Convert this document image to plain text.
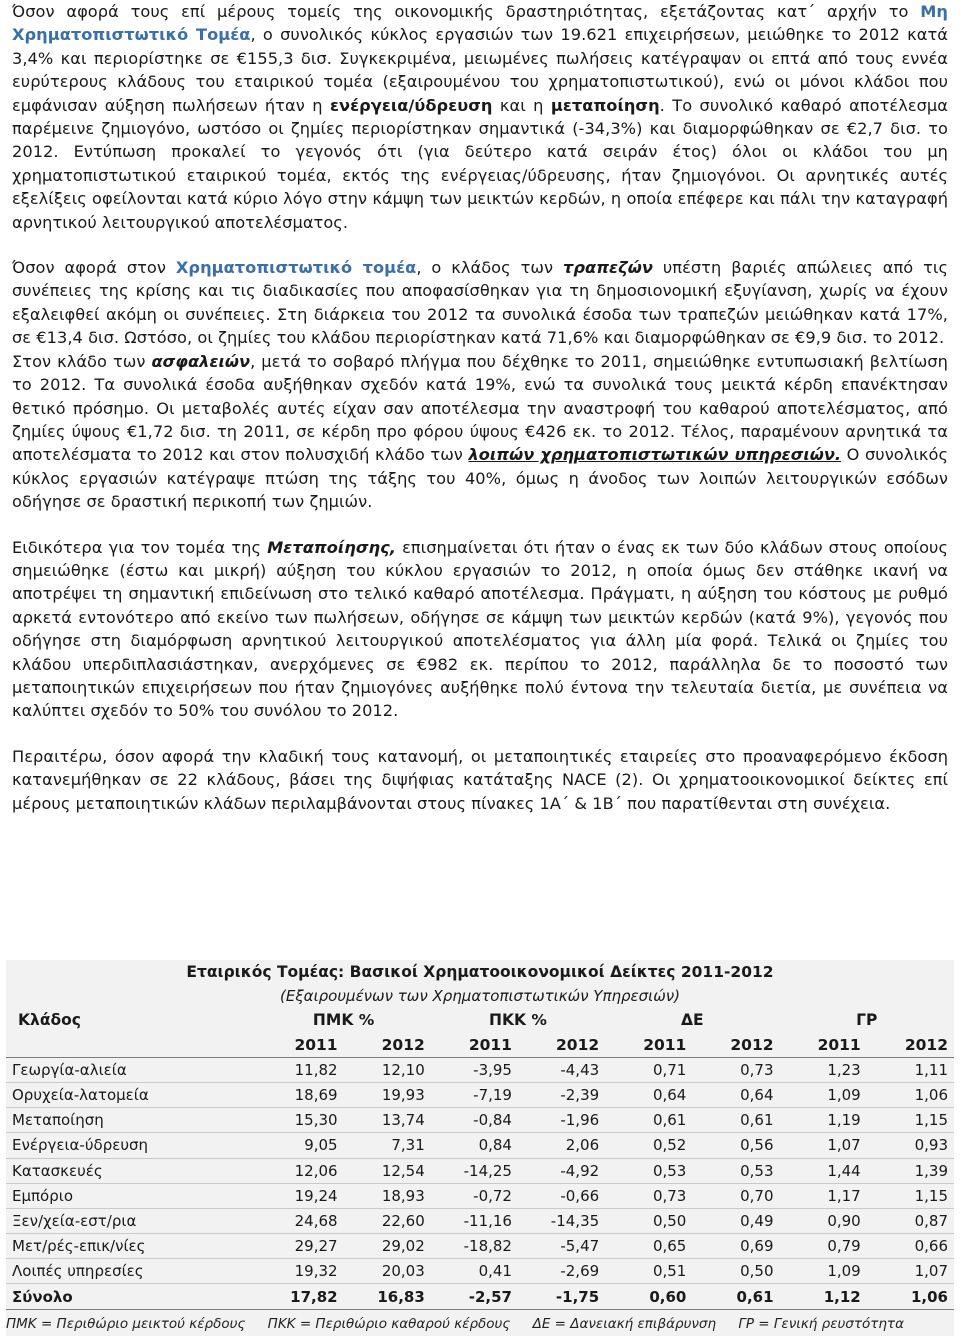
Όσον αφορά τους επί μέρους τομείς της οικονομικής δραστηριότητας, εξετάζοντας κατ΄ αρχήν το Μη Χρηματοπιστωτικό Τομέα, ο συνολικός κύκλος εργασιών των 19.621 επιχειρήσεων, μειώθηκε το 2012 κατά 3,4% και περιορίστηκε σε €155,3 δισ. Συγκεκριμένα, μειωμένες πωλήσεις κατέγραψαν οι επτά από τους εννέα ευρύτερους κλάδους του εταιρικού τομέα (εξαιρουμένου του χρηματοπιστωτικού), ενώ οι μόνοι κλάδοι που εμφάνισαν αύξηση πωλήσεων ήταν η ενέργεια/ύδρευση και η μεταποίηση. Το συνολικό καθαρό αποτέλεσμα παρέμεινε ζημιογόνο, ωστόσο οι ζημίες περιορίστηκαν σημαντικά (-34,3%) και διαμορφώθηκαν σε €2,7 δισ. το 2012. Εντύπωση προκαλεί το γεγονός ότι (για δεύτερο κατά σειράν έτος) όλοι οι κλάδοι του μη χρηματοπιστωτικού εταιρικού τομέα, εκτός της ενέργειας/ύδρευσης, ήταν ζημιογόνοι. Οι αρνητικές αυτές εξελίξεις οφείλονται κατά κύριο λόγο στην κάμψη των μεικτών κερδών, η οποία επέφερε και πάλι την καταγραφή αρνητικού λειτουργικού αποτελέσματος.

Όσον αφορά στον Χρηματοπιστωτικό τομέα, ο κλάδος των τραπεζών υπέστη βαριές απώλειες από τις συνέπειες της κρίσης και τις διαδικασίες που αποφασίσθηκαν για τη δημοσιονομική εξυγίανση, χωρίς να έχουν εξαλειφθεί ακόμη οι συνέπειες. Στη διάρκεια του 2012 τα συνολικά έσοδα των τραπεζών μειώθηκαν κατά 17%, σε €13,4 δισ. Ωστόσο, οι ζημίες του κλάδου περιορίστηκαν κατά 71,6% και διαμορφώθηκαν σε €9,9 δισ. το 2012.

Στον κλάδο των ασφαλειών, μετά το σοβαρό πλήγμα που δέχθηκε το 2011, σημειώθηκε εντυπωσιακή βελτίωση το 2012. Τα συνολικά έσοδα αυξήθηκαν σχεδόν κατά 19%, ενώ τα συνολικά τους μεικτά κέρδη επανέκτησαν θετικό πρόσημο. Οι μεταβολές αυτές είχαν σαν αποτέλεσμα την αναστροφή του καθαρού αποτελέσματος, από ζημίες ύψους €1,72 δισ. τη 2011, σε κέρδη προ φόρου ύψους €426 εκ. το 2012. Τέλος, παραμένουν αρνητικά τα αποτελέσματα το 2012 και στον πολυσχιδή κλάδο των λοιπών χρηματοπιστωτικών υπηρεσιών. Ο συνολικός κύκλος εργασιών κατέγραψε πτώση της τάξης του 40%, όμως η άνοδος των λοιπών λειτουργικών εσόδων οδήγησε σε δραστική περικοπή των ζημιών.

Ειδικότερα για τον τομέα της Μεταποίησης, επισημαίνεται ότι ήταν ο ένας εκ των δύο κλάδων στους οποίους σημειώθηκε (έστω και μικρή) αύξηση του κύκλου εργασιών το 2012, η οποία όμως δεν στάθηκε ικανή να αποτρέψει τη σημαντική επιδείνωση στο τελικό καθαρό αποτέλεσμα. Πράγματι, η αύξηση του κόστους με ρυθμό αρκετά εντονότερο από εκείνο των πωλήσεων, οδήγησε σε κάμψη των μεικτών κερδών (κατά 9%), γεγονός που οδήγησε στη διαμόρφωση αρνητικού λειτουργικού αποτελέσματος για άλλη μία φορά. Τελικά οι ζημίες του κλάδου υπερδιπλασιάστηκαν, ανερχόμενες σε €982 εκ. περίπου το 2012, παράλληλα δε το ποσοστό των μεταποιητικών επιχειρήσεων που ήταν ζημιογόνες αυξήθηκε πολύ έντονα την τελευταία διετία, με συνέπεια να καλύπτει σχεδόν το 50% του συνόλου το 2012.

Περαιτέρω, όσον αφορά την κλαδική τους κατανομή, οι μεταποιητικές εταιρείες στο προαναφερόμενο έκδοση κατανεμήθηκαν σε 22 κλάδους, βάσει της διψήφιας κατάταξης NACE (2). Οι χρηματοοικονομικοί δείκτες επί μέρους μεταποιητικών κλάδων περιλαμβάνονται στους πίνακες 1Α΄ & 1Β΄ που παρατίθενται στη συνέχεια.

Εταιρικός Τομέας: Βασικοί Χρηματοοικονομικοί Δείκτες 2011-2012								
(Εξαιρουμένων των Χρηματοπιστωτικών Υπηρεσιών)								
Κλάδος	ΠΜΚ %		ΠΚΚ %		ΔΕ		ΓΡ	
	2011	2012	2011	2012	2011	2012	2011	2012
Γεωργία-αλιεία	11,82	12,10	-3,95	-4,43	0,71	0,73	1,23	1,11
Ορυχεία-λατομεία	18,69	19,93	-7,19	-2,39	0,64	0,64	1,09	1,06
Μεταποίηση	15,30	13,74	-0,84	-1,96	0,61	0,61	1,19	1,15
Ενέργεια-ύδρευση	9,05	7,31	0,84	2,06	0,52	0,56	1,07	0,93
Κατασκευές	12,06	12,54	-14,25	-4,92	0,53	0,53	1,44	1,39
Εμπόριο	19,24	18,93	-0,72	-0,66	0,73	0,70	1,17	1,15
Ξεν/χεία-εστ/ρια	24,68	22,60	-11,16	-14,35	0,50	0,49	0,90	0,87
Μετ/ρές-επικ/νίες	29,27	29,02	-18,82	-5,47	0,65	0,69	0,79	0,66
Λοιπές υπηρεσίες	19,32	20,03	0,41	-2,69	0,51	0,50	1,09	1,07
Σύνολο	17,82	16,83	-2,57	-1,75	0,60	0,61	1,12	1,06
ΠΜΚ = Περιθώριο μεικτού κέρδους ΠΚΚ = Περιθώριο καθαρού κέρδους ΔΕ = Δανειακή επιβάρυνση ΓΡ = Γενική ρευστότητα
